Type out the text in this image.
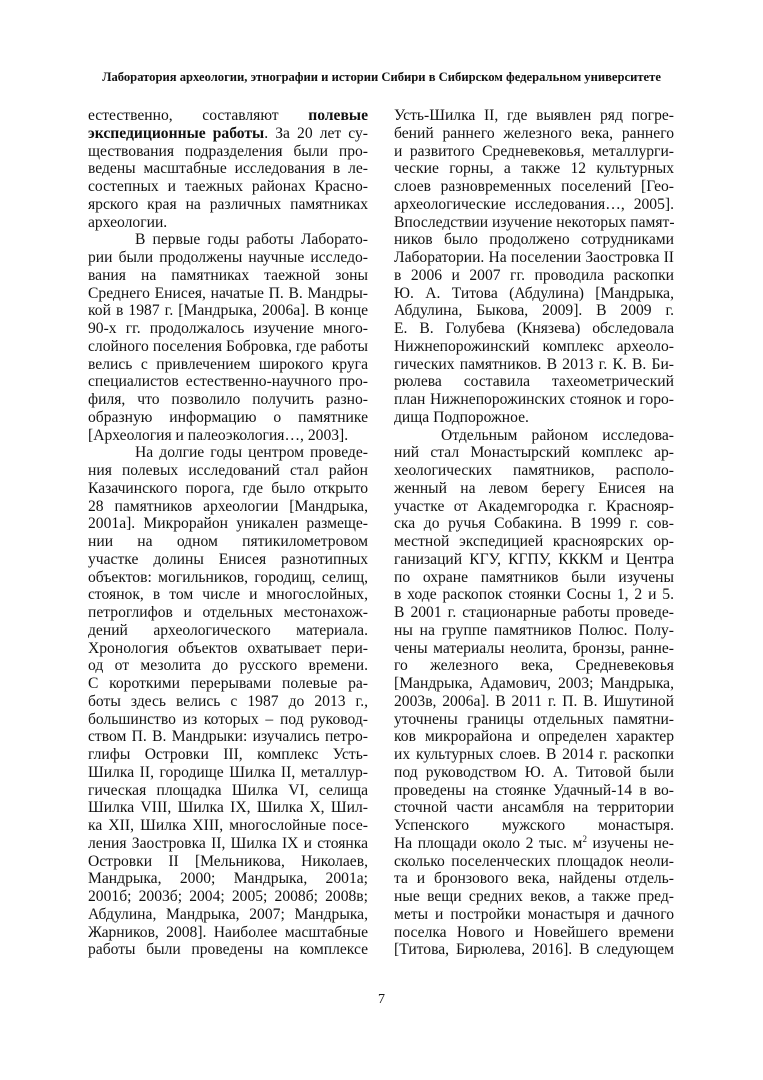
Лаборатория археологии, этнографии и истории Сибири в Сибирском федеральном университете
естественно, составляют полевые
экспедиционные работы. За 20 лет су-
ществования подразделения были про-
ведены масштабные исследования в ле-
состепных и таежных районах Красно-
ярского края на различных памятниках
археологии.
В первые годы работы Лаборато-
рии были продолжены научные исследо-
вания на памятниках таежной зоны
Среднего Енисея, начатые П. В. Мандры-
кой в 1987 г. [Мандрыка, 2006а]. В конце
90-х гг. продолжалось изучение много-
слойного поселения Бобровка, где работы
велись с привлечением широкого круга
специалистов естественно-научного про-
филя, что позволило получить разно-
образную информацию о памятнике
[Археология и палеоэкология…, 2003].
На долгие годы центром проведе-
ния полевых исследований стал район
Казачинского порога, где было открыто
28 памятников археологии [Мандрыка,
2001а]. Микрорайон уникален размеще-
нии на одном пятикилометровом
участке долины Енисея разнотипных
объектов: могильников, городищ, селищ,
стоянок, в том числе и многослойных,
петроглифов и отдельных местонахож-
дений археологического материала.
Хронология объектов охватывает пери-
од от мезолита до русского времени.
С короткими перерывами полевые ра-
боты здесь велись с 1987 до 2013 г.,
большинство из которых – под руковод-
ством П. В. Мандрыки: изучались петро-
глифы Островки III, комплекс Усть-
Шилка II, городище Шилка II, металлур-
гическая площадка Шилка VI, селища
Шилка VIII, Шилка IX, Шилка X, Шил-
ка XII, Шилка XIII, многослойные посе-
ления Заостровка II, Шилка IX и стоянка
Островки II [Мельникова, Николаев,
Мандрыка, 2000; Мандрыка, 2001а;
2001б; 2003б; 2004; 2005; 2008б; 2008в;
Абдулина, Мандрыка, 2007; Мандрыка,
Жарников, 2008]. Наиболее масштабные
работы были проведены на комплексе
Усть-Шилка II, где выявлен ряд погре-
бений раннего железного века, раннего
и развитого Средневековья, металлурги-
ческие горны, а также 12 культурных
слоев разновременных поселений [Гео-
археологические исследования…, 2005].
Впоследствии изучение некоторых памят-
ников было продолжено сотрудниками
Лаборатории. На поселении Заостровка II
в 2006 и 2007 гг. проводила раскопки
Ю. А. Титова (Абдулина) [Мандрыка,
Абдулина, Быкова, 2009]. В 2009 г.
Е. В. Голубева (Князева) обследовала
Нижнепорожинский комплекс археоло-
гических памятников. В 2013 г. К. В. Би-
рюлева составила тахеометрический
план Нижнепорожинских стоянок и горо-
дища Подпорожное.
Отдельным районом исследова-
ний стал Монастырский комплекс ар-
хеологических памятников, располо-
женный на левом берегу Енисея на
участке от Академгородка г. Краснояр-
ска до ручья Собакина. В 1999 г. сов-
местной экспедицией красноярских ор-
ганизаций КГУ, КГПУ, КККМ и Центра
по охране памятников были изучены
в ходе раскопок стоянки Сосны 1, 2 и 5.
В 2001 г. стационарные работы проведе-
ны на группе памятников Полюс. Полу-
чены материалы неолита, бронзы, ранне-
го железного века, Средневековья
[Мандрыка, Адамович, 2003; Мандрыка,
2003в, 2006а]. В 2011 г. П. В. Ишутиной
уточнены границы отдельных памятни-
ков микрорайона и определен характер
их культурных слоев. В 2014 г. раскопки
под руководством Ю. А. Титовой были
проведены на стоянке Удачный-14 в во-
сточной части ансамбля на территории
Успенского мужского монастыря.
На площади около 2 тыс. $м^2$ изучены не-
сколько поселенческих площадок неоли-
та и бронзового века, найдены отдель-
ные вещи средних веков, а также пред-
меты и постройки монастыря и дачного
поселка Нового и Новейшего времени
[Титова, Бирюлева, 2016]. В следующем
7
